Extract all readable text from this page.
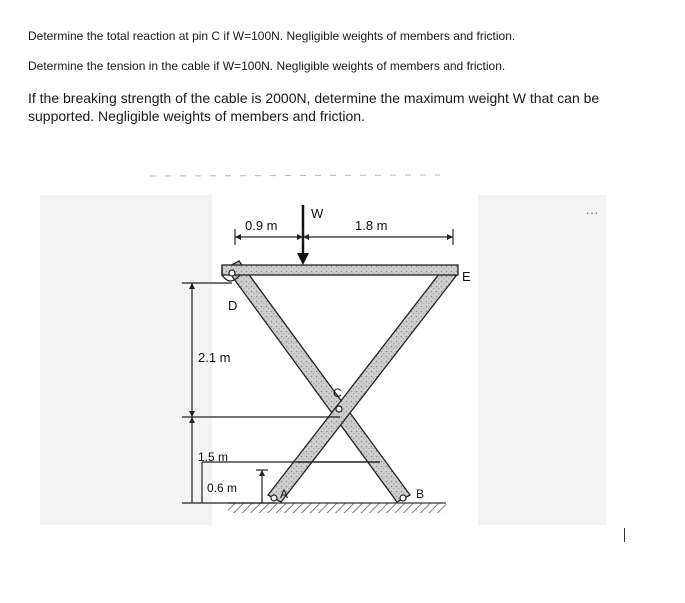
Determine the total reaction at pin C if W=100N. Negligible weights of members and friction.
Determine the tension in the cable if W=100N. Negligible weights of members and friction.
If the breaking strength of the cable is 2000N, determine the maximum weight W that can be supported. Negligible weights of members and friction.
...
W
0.9 m	1.8 m
2.1 m
1.5 m
0.6 m
D
E
C
A	B
